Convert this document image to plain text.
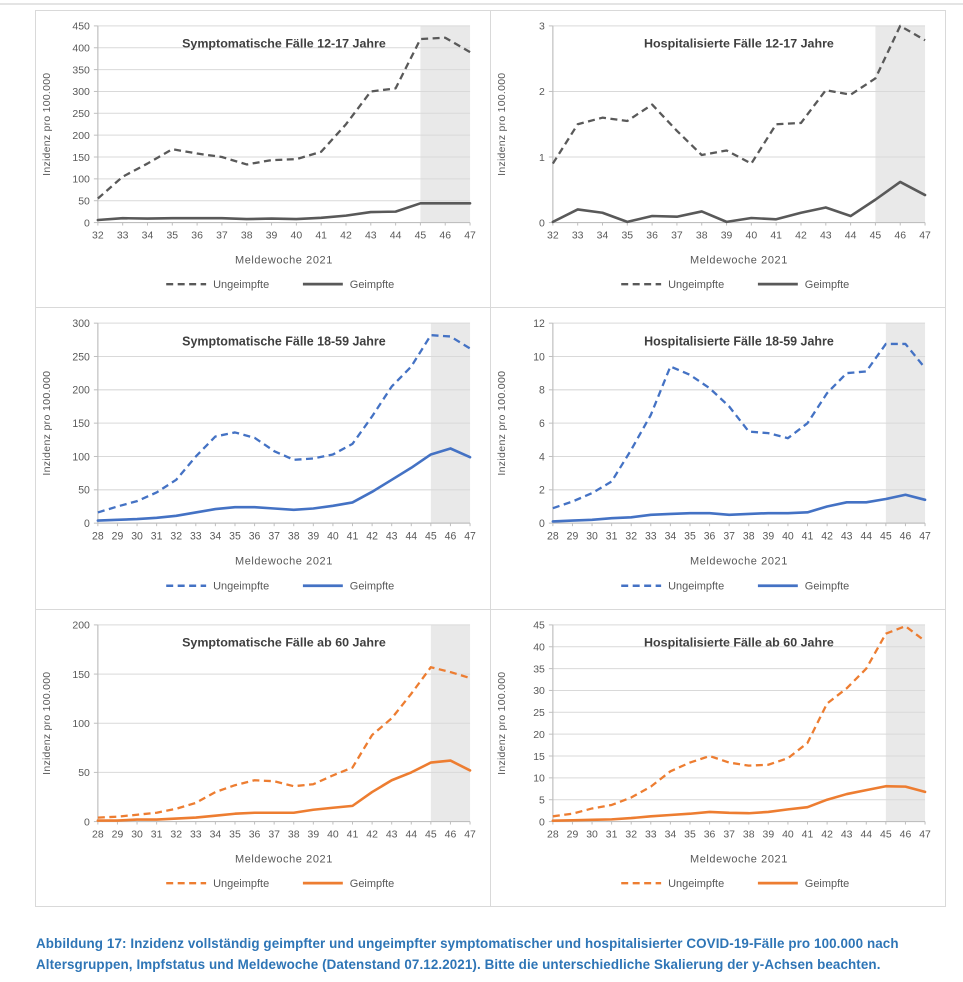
0
50
100
150
200
250
300
350
400
450
32 33 34 35 36 37 38 39 40 41 42 43 44 45 46 47
Symptomatische Fälle 12-17 Jahre
Inzidenz pro 100.000
Meldewoche 2021
Ungeimpfte	Geimpfte
0
1
2
3
32 33 34 35 36 37 38 39 40 41 42 43 44 45 46 47
Hospitalisierte Fälle 12-17 Jahre
Inzidenz pro 100.000
Meldewoche 2021
Ungeimpfte	Geimpfte
0
50
100
150
200
250
300
28 29 30 31 32 33 34 35 36 37 38 39 40 41 42 43 44 45 46 47
Symptomatische Fälle 18-59 Jahre
Inzidenz pro 100.000
Meldewoche 2021
Ungeimpfte	Geimpfte
0
2
4
6
8
10
12
28 29 30 31 32 33 34 35 36 37 38 39 40 41 42 43 44 45 46 47
Hospitalisierte Fälle 18-59 Jahre
Inzidenz pro 100.000
Meldewoche 2021
Ungeimpfte	Geimpfte
0
50
100
150
200
28 29 30 31 32 33 34 35 36 37 38 39 40 41 42 43 44 45 46 47
Symptomatische Fälle ab 60 Jahre
Inzidenz pro 100.000
Meldewoche 2021
Ungeimpfte	Geimpfte
0
5
10
15
20
25
30
35
40
45
28 29 30 31 32 33 34 35 36 37 38 39 40 41 42 43 44 45 46 47
Hospitalisierte Fälle ab 60 Jahre
Inzidenz pro 100.000
Meldewoche 2021
Ungeimpfte	Geimpfte

Abbildung 17: Inzidenz vollständig geimpfter und ungeimpfter symptomatischer und hospitalisierter COVID-19-Fälle pro 100.000 nach Altersgruppen, Impfstatus und Meldewoche (Datenstand 07.12.2021). Bitte die unterschiedliche Skalierung der y-Achsen beachten.
